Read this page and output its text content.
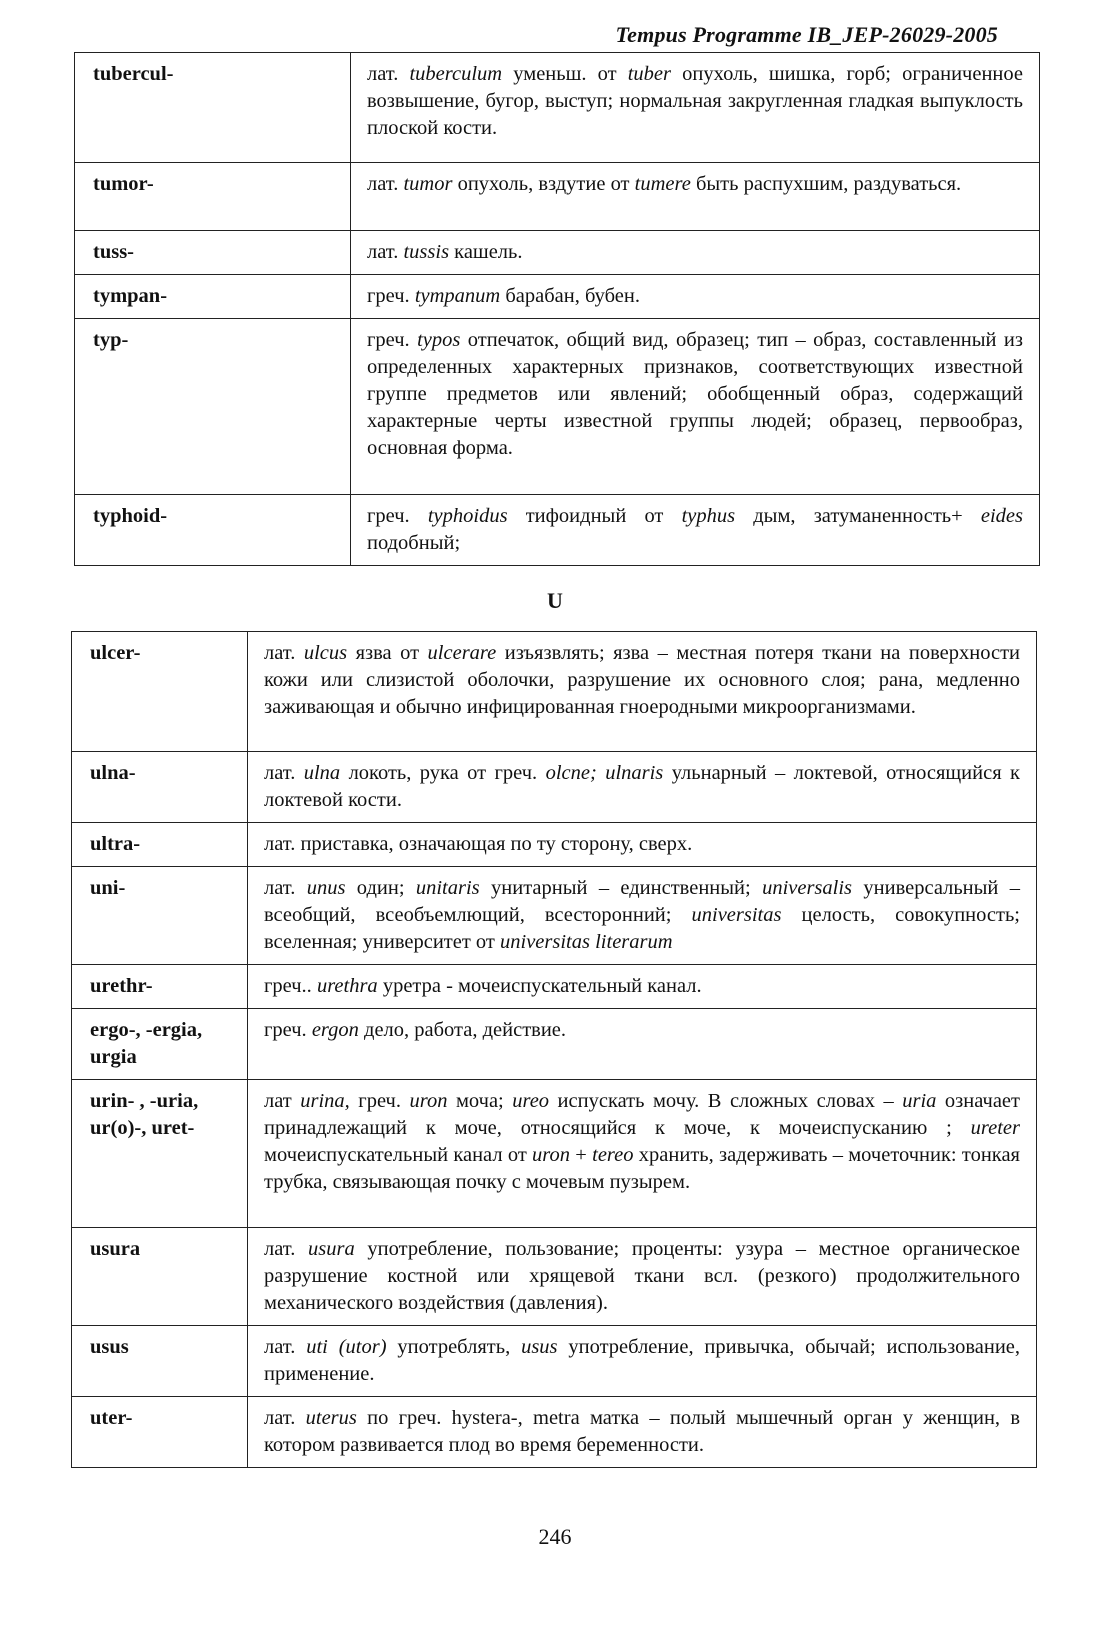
Tempus Programme IB_JEP-26029-2005
tubercul-	лат. tuberculum уменьш. от tuber опухоль, шишка, горб; ограниченное возвышение, бугор, выступ; нормальная закругленная гладкая выпуклость плоской кости.
tumor-	лат. tumor опухоль, вздутие от tumere быть распухшим, раздуваться.
tuss-	лат. tussis кашель.
tympan-	греч. tympanum барабан, бубен.
typ-	греч. typos отпечаток, общий вид, образец; тип – образ, составленный из определенных характерных признаков, соответствующих известной группе предметов или явлений; обобщенный образ, содержащий характерные черты известной группы людей; образец, первообраз, основная форма.
typhoid-	греч. typhoidus тифоидный от typhus дым, затуманенность+ eides подобный;
U
ulcer-	лат. ulcus язва от ulcerare изъязвлять; язва – местная потеря ткани на поверхности кожи или слизистой оболочки, разрушение их основного слоя; рана, медленно заживающая и обычно инфицированная гноеродными микроорганизмами.
ulna-	лат. ulna локоть, рука от греч. olcne; ulnaris ульнарный – локтевой, относящийся к локтевой кости.
ultra-	лат. приставка, означающая по ту сторону, сверх.
uni-	лат. unus один; unitaris унитарный – единственный; universalis универсальный – всеобщий, всеобъемлющий, всесторонний; universitas целость, совокупность; вселенная; университет от universitas literarum
urethr-	греч.. urethra уретра - мочеиспускательный канал.
ergo-, -ergia, urgia	греч. ergon дело, работа, действие.
urin- , -uria, ur(o)-, uret-	лат urina, греч. uron моча; ureo испускать мочу. В сложных словах – uria означает принадлежащий к моче, относящийся к моче, к мочеиспусканию ; ureter мочеиспускательный канал от uron + tereo хранить, задерживать – мочеточник: тонкая трубка, связывающая почку с мочевым пузырем.
usura	лат. usura употребление, пользование; проценты: узура – местное органическое разрушение костной или хрящевой ткани всл. (резкого) продолжительного механического воздействия (давления).
usus	лат. uti (utor) употреблять, usus употребление, привычка, обычай; использование, применение.
uter-	лат. uterus по греч. hystera-, metra матка – полый мышечный орган у женщин, в котором развивается плод во время беременности.
246
